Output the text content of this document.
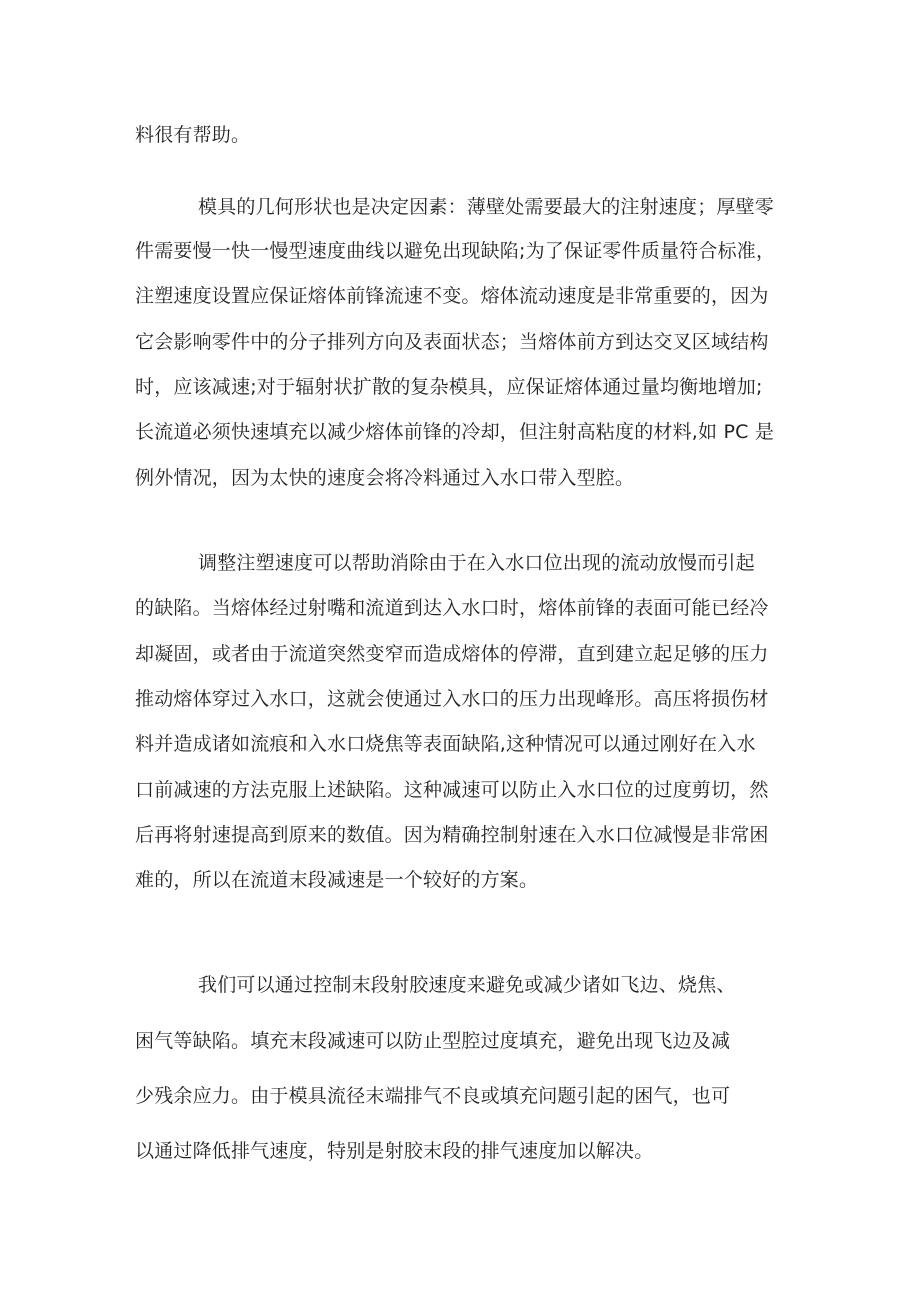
料很有帮助。
模具的几何形状也是决定因素：薄壁处需要最大的注射速度；厚壁零
件需要慢一快一慢型速度曲线以避免出现缺陷;为了保证零件质量符合标准，
注塑速度设置应保证熔体前锋流速不变。熔体流动速度是非常重要的，因为
它会影响零件中的分子排列方向及表面状态；当熔体前方到达交叉区域结构
时，应该减速;对于辐射状扩散的复杂模具，应保证熔体通过量均衡地增加;
长流道必须快速填充以减少熔体前锋的冷却，但注射高粘度的材料,如 PC 是
例外情况，因为太快的速度会将冷料通过入水口带入型腔。
调整注塑速度可以帮助消除由于在入水口位出现的流动放慢而引起
的缺陷。当熔体经过射嘴和流道到达入水口时，熔体前锋的表面可能已经冷
却凝固，或者由于流道突然变窄而造成熔体的停滞，直到建立起足够的压力
推动熔体穿过入水口，这就会使通过入水口的压力出现峰形。高压将损伤材
料并造成诸如流痕和入水口烧焦等表面缺陷,这种情况可以通过刚好在入水
口前减速的方法克服上述缺陷。这种减速可以防止入水口位的过度剪切，然
后再将射速提高到原来的数值。因为精确控制射速在入水口位减慢是非常困
难的，所以在流道末段减速是一个较好的方案。
我们可以通过控制末段射胶速度来避免或减少诸如飞边、烧焦、
困气等缺陷。填充末段减速可以防止型腔过度填充，避免出现飞边及减
少残余应力。由于模具流径末端排气不良或填充问题引起的困气，也可
以通过降低排气速度，特别是射胶末段的排气速度加以解决。
